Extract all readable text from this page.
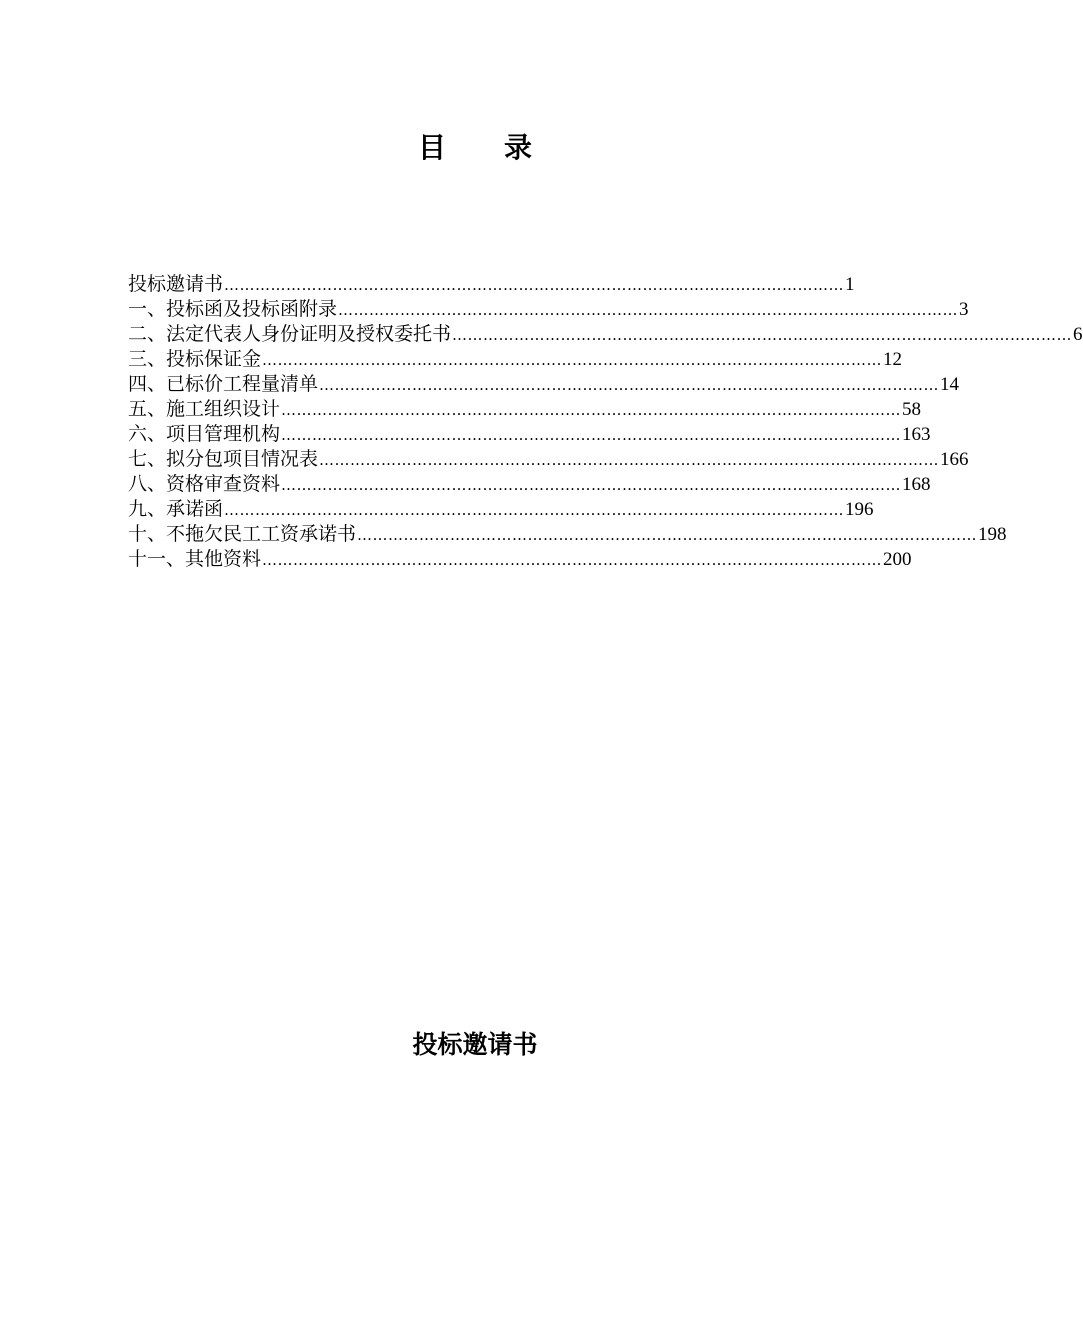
目 录
投标邀请书 ………………………………………………………………………………………………………… 1
一、投标函及投标函附录 ………………………………………………………………………………………………………… 3
二、法定代表人身份证明及授权委托书 ………………………………………………………………………………………………………… 6
三、投标保证金 ………………………………………………………………………………………………………… 12
四、已标价工程量清单 ………………………………………………………………………………………………………… 14
五、施工组织设计 ………………………………………………………………………………………………………… 58
六、项目管理机构 ………………………………………………………………………………………………………… 163
七、拟分包项目情况表 ………………………………………………………………………………………………………… 166
八、资格审查资料 ………………………………………………………………………………………………………… 168
九、承诺函 ………………………………………………………………………………………………………… 196
十、不拖欠民工工资承诺书 ………………………………………………………………………………………………………… 198
十一、其他资料 ………………………………………………………………………………………………………… 200
投标邀请书
